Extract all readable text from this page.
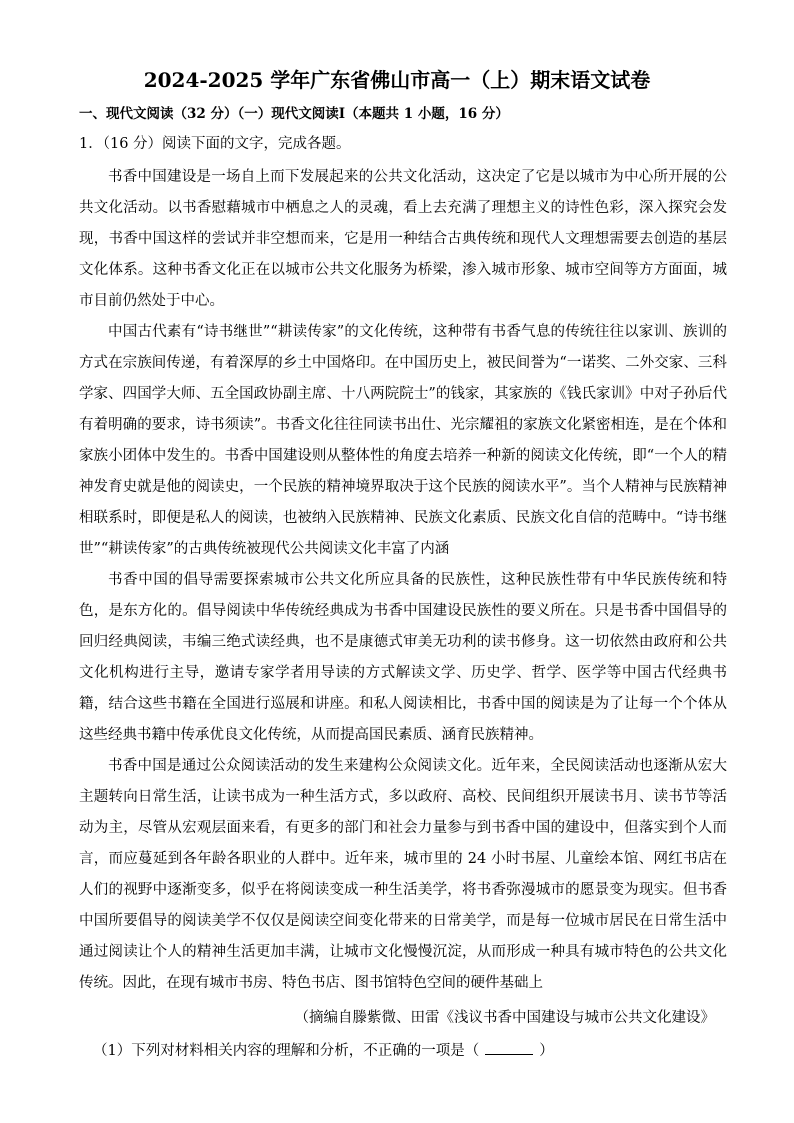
2024-2025 学年广东省佛山市高一（上）期末语文试卷
一、现代文阅读（32 分）（一）现代文阅读Ⅰ（本题共 1 小题，16 分）
1．（16 分）阅读下面的文字，完成各题。

书香中国建设是一场自上而下发展起来的公共文化活动，这决定了它是以城市为中心所开展的公共文化活动。以书香慰藉城市中栖息之人的灵魂，看上去充满了理想主义的诗性色彩，深入探究会发现，书香中国这样的尝试并非空想而来，它是用一种结合古典传统和现代人文理想需要去创造的基层文化体系。这种书香文化正在以城市公共文化服务为桥梁，渗入城市形象、城市空间等方方面面，城市目前仍然处于中心。

中国古代素有“诗书继世”“耕读传家”的文化传统，这种带有书香气息的传统往往以家训、族训的方式在宗族间传递，有着深厚的乡土中国烙印。在中国历史上，被民间誉为“一诺奖、二外交家、三科学家、四国学大师、五全国政协副主席、十八两院院士”的钱家，其家族的《钱氏家训》中对子孙后代有着明确的要求，诗书须读”。书香文化往往同读书出仕、光宗耀祖的家族文化紧密相连，是在个体和家族小团体中发生的。书香中国建设则从整体性的角度去培养一种新的阅读文化传统，即“一个人的精神发育史就是他的阅读史，一个民族的精神境界取决于这个民族的阅读水平”。当个人精神与民族精神相联系时，即便是私人的阅读，也被纳入民族精神、民族文化素质、民族文化自信的范畴中。“诗书继世”“耕读传家”的古典传统被现代公共阅读文化丰富了内涵

书香中国的倡导需要探索城市公共文化所应具备的民族性，这种民族性带有中华民族传统和特色，是东方化的。倡导阅读中华传统经典成为书香中国建设民族性的要义所在。只是书香中国倡导的回归经典阅读，韦编三绝式读经典，也不是康德式审美无功利的读书修身。这一切依然由政府和公共文化机构进行主导，邀请专家学者用导读的方式解读文学、历史学、哲学、医学等中国古代经典书籍，结合这些书籍在全国进行巡展和讲座。和私人阅读相比，书香中国的阅读是为了让每一个个体从这些经典书籍中传承优良文化传统，从而提高国民素质、涵育民族精神。

书香中国是通过公众阅读活动的发生来建构公众阅读文化。近年来，全民阅读活动也逐渐从宏大主题转向日常生活，让读书成为一种生活方式，多以政府、高校、民间组织开展读书月、读书节等活动为主，尽管从宏观层面来看，有更多的部门和社会力量参与到书香中国的建设中，但落实到个人而言，而应蔓延到各年龄各职业的人群中。近年来，城市里的 24 小时书屋、儿童绘本馆、网红书店在人们的视野中逐渐变多，似乎在将阅读变成一种生活美学，将书香弥漫城市的愿景变为现实。但书香中国所要倡导的阅读美学不仅仅是阅读空间变化带来的日常美学，而是每一位城市居民在日常生活中通过阅读让个人的精神生活更加丰满，让城市文化慢慢沉淀，从而形成一种具有城市特色的公共文化传统。因此，在现有城市书房、特色书店、图书馆特色空间的硬件基础上

（摘编自滕紫微、田雷《浅议书香中国建设与城市公共文化建设》
（1）下列对材料相关内容的理解和分析，不正确的一项是（	）
